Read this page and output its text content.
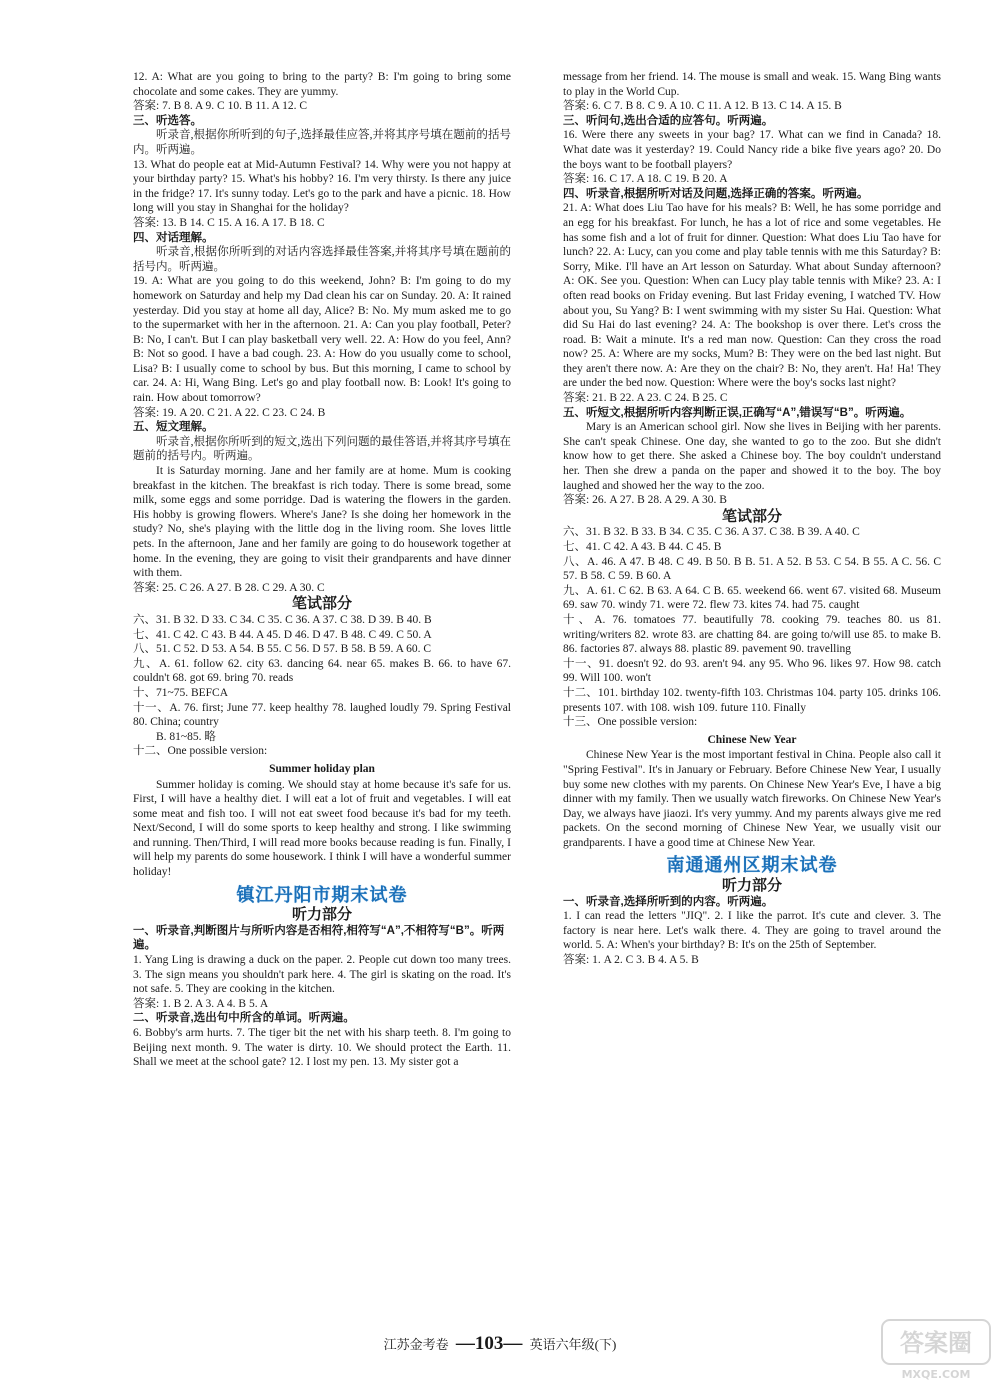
12. A: What are you going to bring to the party? B: I'm going to bring some chocolate and some cakes. They are yummy.

答案: 7. B 8. A 9. C 10. B 11. A 12. C

三、听选答。

听录音,根据你所听到的句子,选择最佳应答,并将其序号填在题前的括号内。听两遍。

13. What do people eat at Mid-Autumn Festival? 14. Why were you not happy at your birthday party? 15. What's his hobby? 16. I'm very thirsty. Is there any juice in the fridge? 17. It's sunny today. Let's go to the park and have a picnic. 18. How long will you stay in Shanghai for the holiday?

答案: 13. B 14. C 15. A 16. A 17. B 18. C

四、对话理解。

听录音,根据你所听到的对话内容选择最佳答案,并将其序号填在题前的括号内。听两遍。

19. A: What are you going to do this weekend, John? B: I'm going to do my homework on Saturday and help my Dad clean his car on Sunday. 20. A: It rained yesterday. Did you stay at home all day, Alice? B: No. My mum asked me to go to the supermarket with her in the afternoon. 21. A: Can you play football, Peter? B: No, I can't. But I can play basketball very well. 22. A: How do you feel, Ann? B: Not so good. I have a bad cough. 23. A: How do you usually come to school, Lisa? B: I usually come to school by bus. But this morning, I came to school by car. 24. A: Hi, Wang Bing. Let's go and play football now. B: Look! It's going to rain. How about tomorrow?

答案: 19. A 20. C 21. A 22. C 23. C 24. B

五、短文理解。

听录音,根据你所听到的短文,选出下列问题的最佳答语,并将其序号填在题前的括号内。听两遍。

It is Saturday morning. Jane and her family are at home. Mum is cooking breakfast in the kitchen. The breakfast is rich today. There is some bread, some milk, some eggs and some porridge. Dad is watering the flowers in the garden. His hobby is growing flowers. Where's Jane? Is she doing her homework in the study? No, she's playing with the little dog in the living room. She loves little pets. In the afternoon, Jane and her family are going to do housework together at home. In the evening, they are going to visit their grandparents and have dinner with them.

答案: 25. C 26. A 27. B 28. C 29. A 30. C

笔试部分

六、31. B 32. D 33. C 34. C 35. C 36. A 37. C 38. D 39. B 40. B

七、41. C 42. C 43. B 44. A 45. D 46. D 47. B 48. C 49. C 50. A

八、51. C 52. D 53. A 54. B 55. C 56. D 57. B 58. B 59. A 60. C

九、A. 61. follow 62. city 63. dancing 64. near 65. makes B. 66. to have 67. couldn't 68. got 69. bring 70. reads

十、71~75. BEFCA

十一、A. 76. first; June 77. keep healthy 78. laughed loudly 79. Spring Festival 80. China; country

B. 81~85. 略

十二、One possible version:

Summer holiday plan

Summer holiday is coming. We should stay at home because it's safe for us. First, I will have a healthy diet. I will eat a lot of fruit and vegetables. I will eat some meat and fish too. I will not eat sweet food because it's bad for my teeth. Next/Second, I will do some sports to keep healthy and strong. I like swimming and running. Then/Third, I will read more books because reading is fun. Finally, I will help my parents do some housework. I think I will have a wonderful summer holiday!

镇江丹阳市期末试卷
听力部分

一、听录音,判断图片与所听内容是否相符,相符写“A”,不相符写“B”。听两遍。

1. Yang Ling is drawing a duck on the paper. 2. People cut down too many trees. 3. The sign means you shouldn't park here. 4. The girl is skating on the road. It's not safe. 5. They are cooking in the kitchen.

答案: 1. B 2. A 3. A 4. B 5. A

二、听录音,选出句中所含的单词。听两遍。

6. Bobby's arm hurts. 7. The tiger bit the net with his sharp teeth. 8. I'm going to Beijing next month. 9. The water is dirty. 10. We should protect the Earth. 11. Shall we meet at the school gate? 12. I lost my pen. 13. My sister got a

message from her friend. 14. The mouse is small and weak. 15. Wang Bing wants to play in the World Cup.

答案: 6. C 7. B 8. C 9. A 10. C 11. A 12. B 13. C 14. A 15. B

三、听问句,选出合适的应答句。听两遍。

16. Were there any sweets in your bag? 17. What can we find in Canada? 18. What date was it yesterday? 19. Could Nancy ride a bike five years ago? 20. Do the boys want to be football players?

答案: 16. C 17. A 18. C 19. B 20. A

四、听录音,根据所听对话及问题,选择正确的答案。听两遍。

21. A: What does Liu Tao have for his meals? B: Well, he has some porridge and an egg for his breakfast. For lunch, he has a lot of rice and some vegetables. He has some fish and a lot of fruit for dinner. Question: What does Liu Tao have for lunch? 22. A: Lucy, can you come and play table tennis with me this Saturday? B: Sorry, Mike. I'll have an Art lesson on Saturday. What about Sunday afternoon? A: OK. See you. Question: When can Lucy play table tennis with Mike? 23. A: I often read books on Friday evening. But last Friday evening, I watched TV. How about you, Su Yang? B: I went swimming with my sister Su Hai. Question: What did Su Hai do last evening? 24. A: The bookshop is over there. Let's cross the road. B: Wait a minute. It's a red man now. Question: Can they cross the road now? 25. A: Where are my socks, Mum? B: They were on the bed last night. But they aren't there now. A: Are they on the chair? B: No, they aren't. Ha! Ha! They are under the bed now. Question: Where were the boy's socks last night?

答案: 21. B 22. A 23. C 24. B 25. C

五、听短文,根据所听内容判断正误,正确写“A”,错误写“B”。听两遍。

Mary is an American school girl. Now she lives in Beijing with her parents. She can't speak Chinese. One day, she wanted to go to the zoo. But she didn't know how to get there. She asked a Chinese boy. The boy couldn't understand her. Then she drew a panda on the paper and showed it to the boy. The boy laughed and showed her the way to the zoo.

答案: 26. A 27. B 28. A 29. A 30. B

笔试部分

六、31. B 32. B 33. B 34. C 35. C 36. A 37. C 38. B 39. A 40. C

七、41. C 42. A 43. B 44. C 45. B

八、A. 46. A 47. B 48. C 49. B 50. B B. 51. A 52. B 53. C 54. B 55. A C. 56. C 57. B 58. C 59. B 60. A

九、A. 61. C 62. B 63. A 64. C B. 65. weekend 66. went 67. visited 68. Museum 69. saw 70. windy 71. were 72. flew 73. kites 74. had 75. caught

十、A. 76. tomatoes 77. beautifully 78. cooking 79. teaches 80. us 81. writing/writers 82. wrote 83. are chatting 84. are going to/will use 85. to make B. 86. factories 87. always 88. plastic 89. pavement 90. travelling

十一、91. doesn't 92. do 93. aren't 94. any 95. Who 96. likes 97. How 98. catch 99. Will 100. won't

十二、101. birthday 102. twenty-fifth 103. Christmas 104. party 105. drinks 106. presents 107. with 108. wish 109. future 110. Finally

十三、One possible version:

Chinese New Year

Chinese New Year is the most important festival in China. People also call it "Spring Festival". It's in January or February. Before Chinese New Year, I usually buy some new clothes with my parents. On Chinese New Year's Eve, I have a big dinner with my family. Then we usually watch fireworks. On Chinese New Year's Day, we always have jiaozi. It's very yummy. And my parents always give me red packets. On the second morning of Chinese New Year, we usually visit our grandparents. I have a good time at Chinese New Year.

南通通州区期末试卷
听力部分

一、听录音,选择所听到的内容。听两遍。

1. I can read the letters "JIQ". 2. I like the parrot. It's cute and clever. 3. The factory is near here. Let's walk there. 4. They are going to travel around the world. 5. A: When's your birthday? B: It's on the 25th of September.

答案: 1. A 2. C 3. B 4. A 5. B

江苏金考卷 —103— 英语六年级(下)	答案圈
MXQE.COM
